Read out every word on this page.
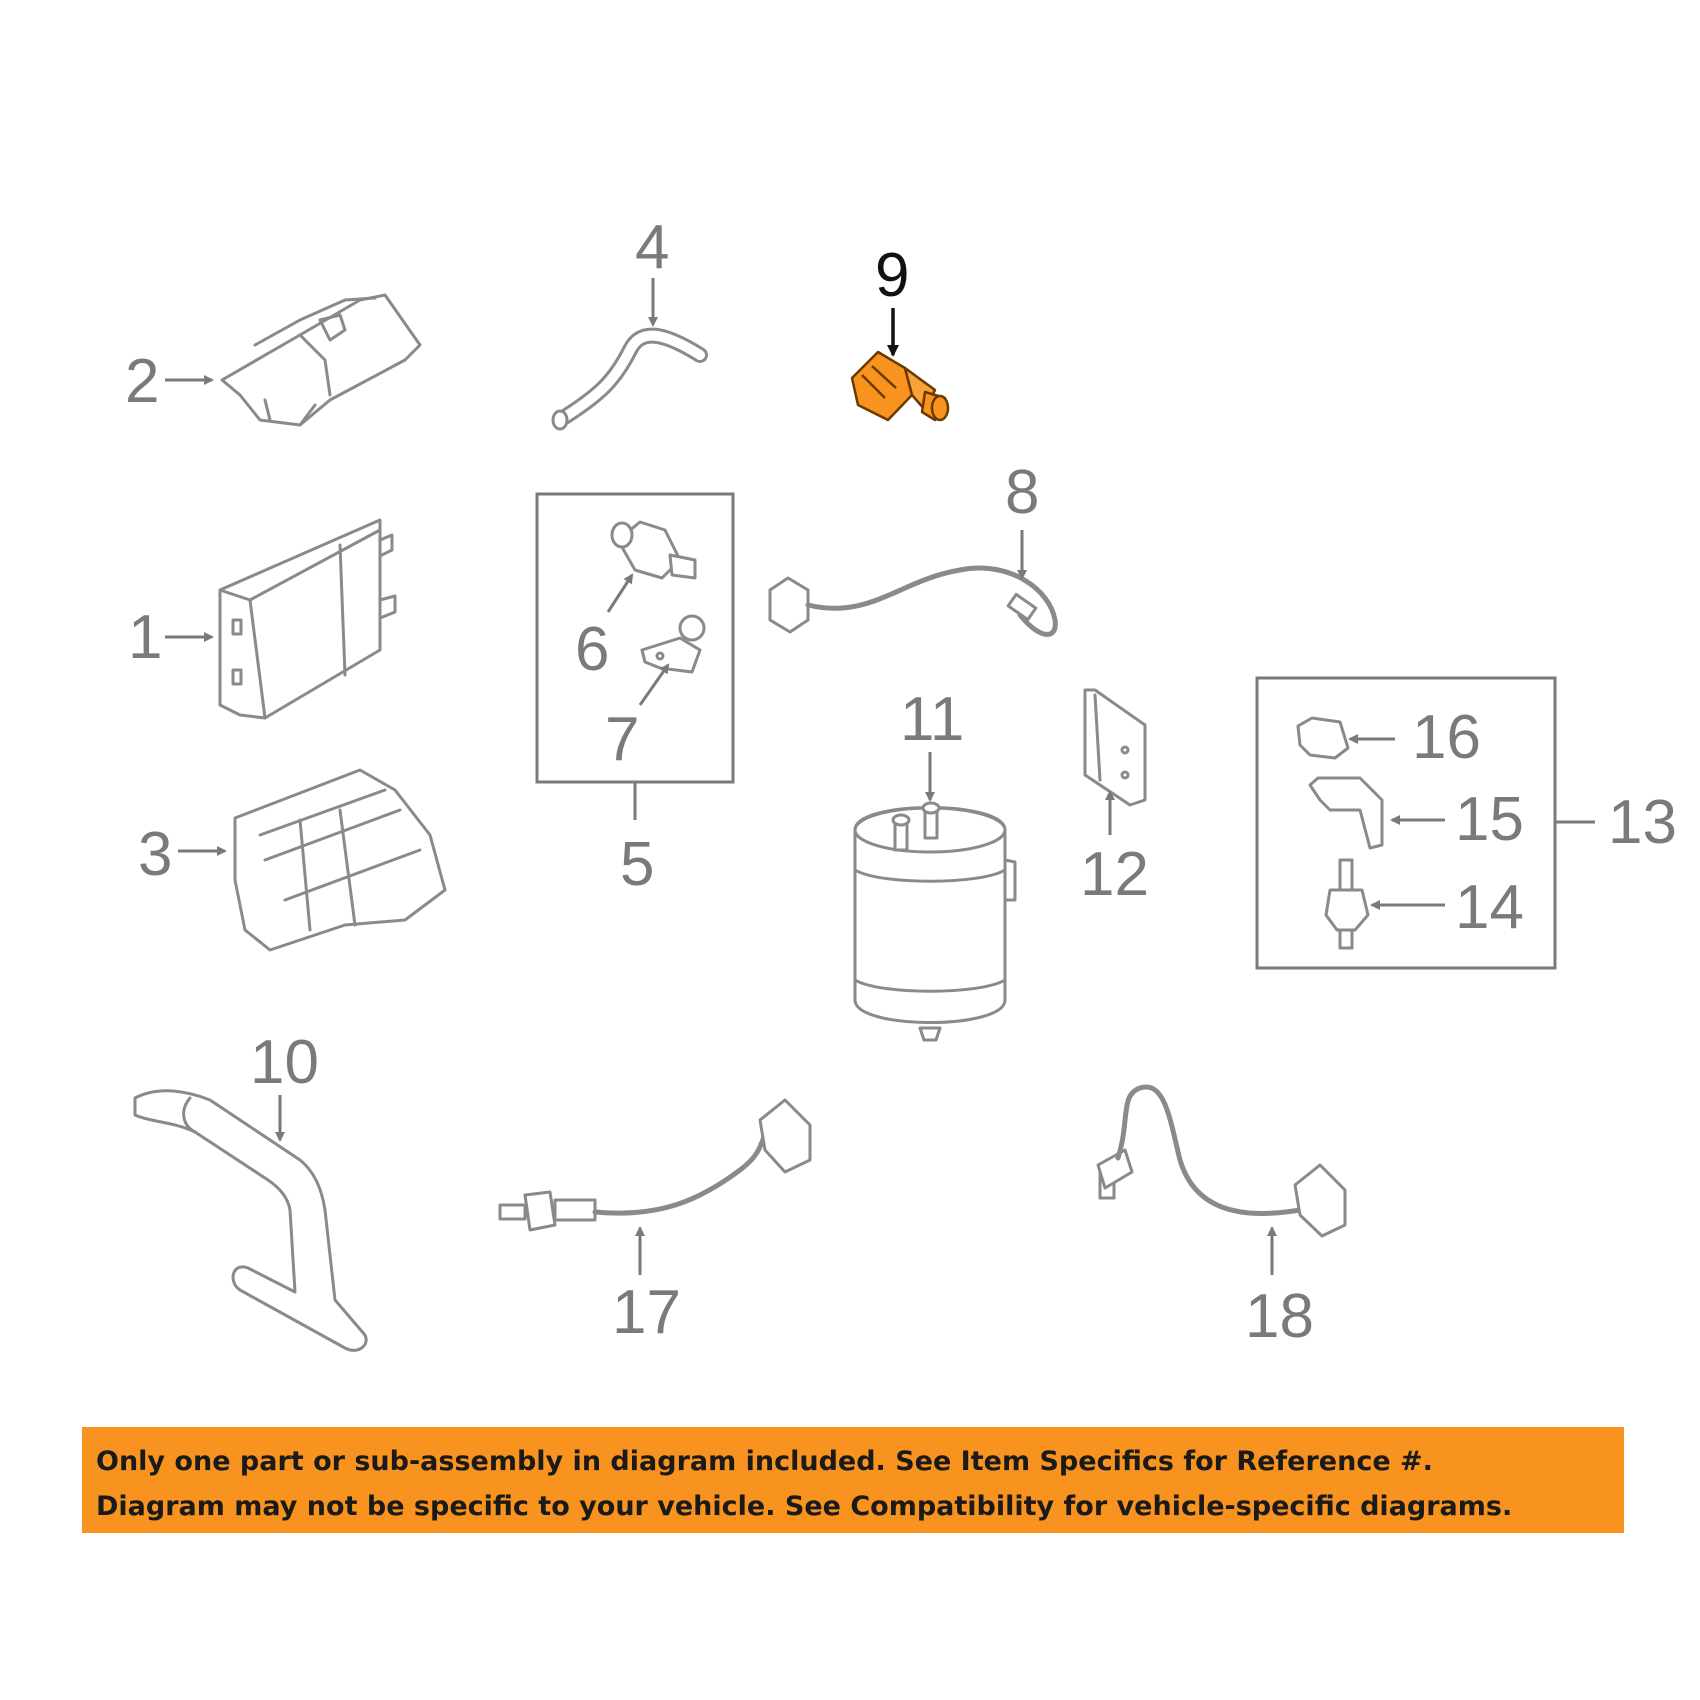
2
4	9
1
3
6
7
5
8
11
12
16
15
14
13
10
17	18

Only one part or sub-assembly in diagram included. See Item Specifics for Reference #.

Diagram may not be specific to your vehicle. See Compatibility for vehicle-specific diagrams.
